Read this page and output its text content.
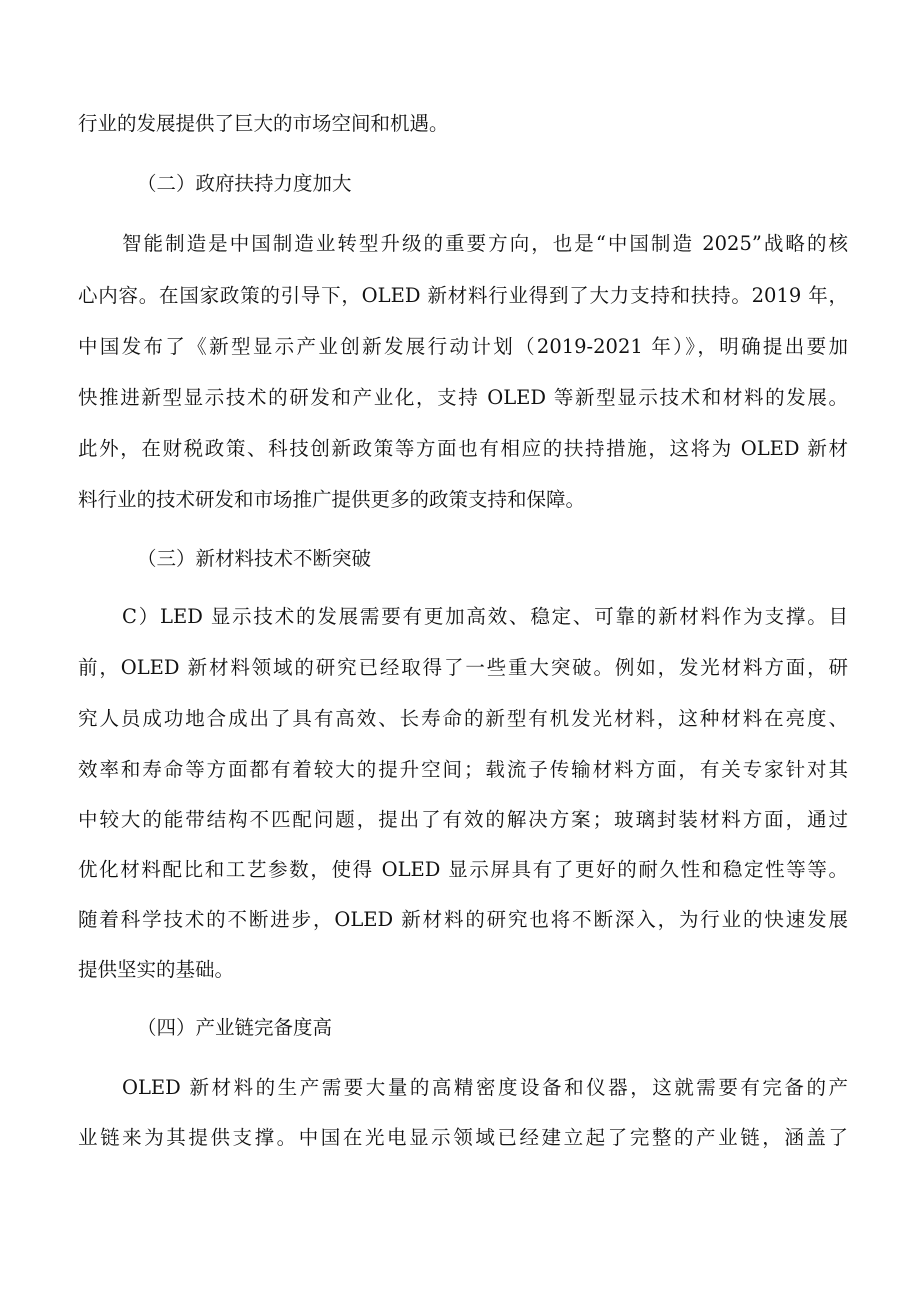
行业的发展提供了巨大的市场空间和机遇。

（二）政府扶持力度加大

智能制造是中国制造业转型升级的重要方向，也是“中国制造 2025”战略的核

心内容。在国家政策的引导下，OLED 新材料行业得到了大力支持和扶持。2019 年，

中国发布了《新型显示产业创新发展行动计划（2019-2021 年）》，明确提出要加

快推进新型显示技术的研发和产业化，支持 OLED 等新型显示技术和材料的发展。

此外，在财税政策、科技创新政策等方面也有相应的扶持措施，这将为 OLED 新材

料行业的技术研发和市场推广提供更多的政策支持和保障。

（三）新材料技术不断突破

C）LED 显示技术的发展需要有更加高效、稳定、可靠的新材料作为支撑。目

前，OLED 新材料领域的研究已经取得了一些重大突破。例如，发光材料方面，研

究人员成功地合成出了具有高效、长寿命的新型有机发光材料，这种材料在亮度、

效率和寿命等方面都有着较大的提升空间；载流子传输材料方面，有关专家针对其

中较大的能带结构不匹配问题，提出了有效的解决方案；玻璃封装材料方面，通过

优化材料配比和工艺参数，使得 OLED 显示屏具有了更好的耐久性和稳定性等等。

随着科学技术的不断进步，OLED 新材料的研究也将不断深入，为行业的快速发展

提供坚实的基础。

（四）产业链完备度高

OLED 新材料的生产需要大量的高精密度设备和仪器，这就需要有完备的产

业链来为其提供支撑。中国在光电显示领域已经建立起了完整的产业链，涵盖了
